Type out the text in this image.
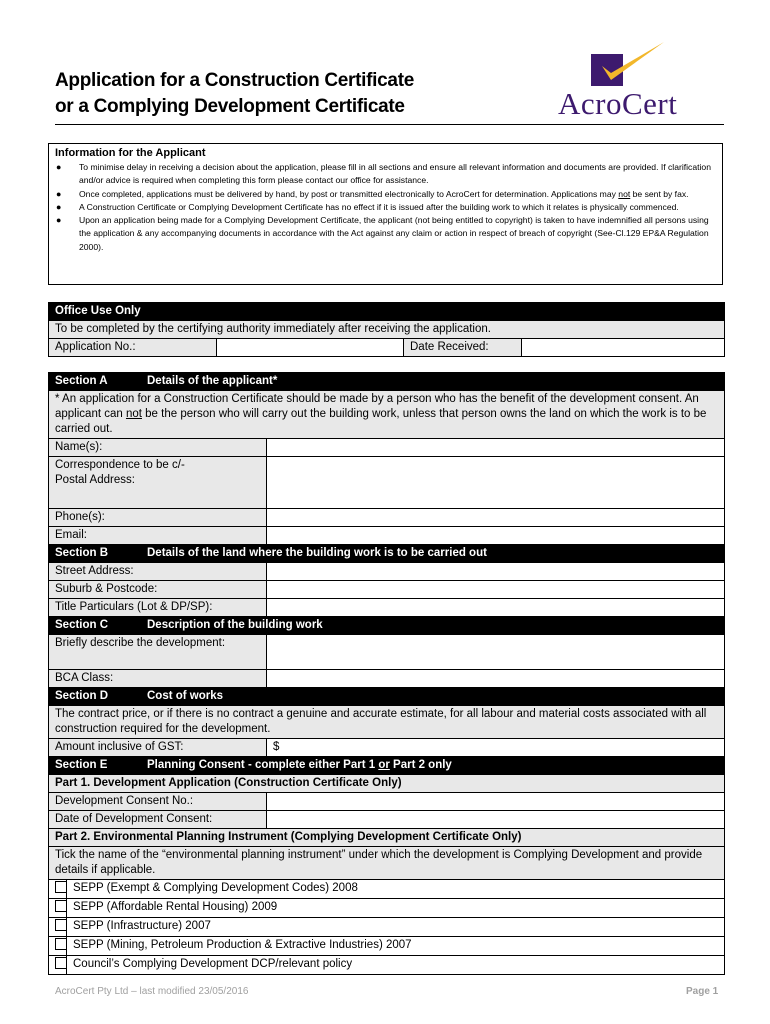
Application for a Construction Certificate
or a Complying Development Certificate	AcroCert
Information for the Applicant
● To minimise delay in receiving a decision about the application, please fill in all sections and ensure all relevant information and documents are provided. If clarification and/or advice is required when completing this form please contact our office for assistance.
● Once completed, applications must be delivered by hand, by post or transmitted electronically to AcroCert for determination. Applications may not be sent by fax.
● A Construction Certificate or Complying Development Certificate has no effect if it is issued after the building work to which it relates is physically commenced.
● Upon an application being made for a Complying Development Certificate, the applicant (not being entitled to copyright) is taken to have indemnified all persons using the application & any accompanying documents in accordance with the Act against any claim or action in respect of breach of copyright (See-Cl.129 EP&A Regulation 2000).
Office Use Only
To be completed by the certifying authority immediately after receiving the application.
Application No.:		Date Received:	
Section A Details of the applicant*		
* An application for a Construction Certificate should be made by a person who has the benefit of the development consent. An applicant can not be the person who will carry out the building work, unless that person owns the land on which the work is to be carried out.		
Name(s):		

Correspondence to be c/-
Postal Address:		

Phone(s):		
Email:		
Section B Details of the land where the building work is to be carried out		
Street Address:		
Suburb & Postcode:		
Title Particulars (Lot & DP/SP):		
Section C Description of the building work		
Briefly describe the development:		
BCA Class:		
Section D Cost of works		
The contract price, or if there is no contract a genuine and accurate estimate, for all labour and material costs associated with all construction required for the development.		
Amount inclusive of GST:		$
Section E Planning Consent - complete either Part 1 or Part 2 only		
Part 1. Development Application (Construction Certificate Only)		
Development Consent No.:		
Date of Development Consent:		
Part 2. Environmental Planning Instrument (Complying Development Certificate Only)		
Tick the name of the “environmental planning instrument” under which the development is Complying Development and provide details if applicable.		
	SEPP (Exempt & Complying Development Codes) 2008	
	SEPP (Affordable Rental Housing) 2009	
	SEPP (Infrastructure) 2007	
	SEPP (Mining, Petroleum Production & Extractive Industries) 2007	
	Council’s Complying Development DCP/relevant policy	
AcroCert Pty Ltd – last modified 23/05/2016	Page 1
